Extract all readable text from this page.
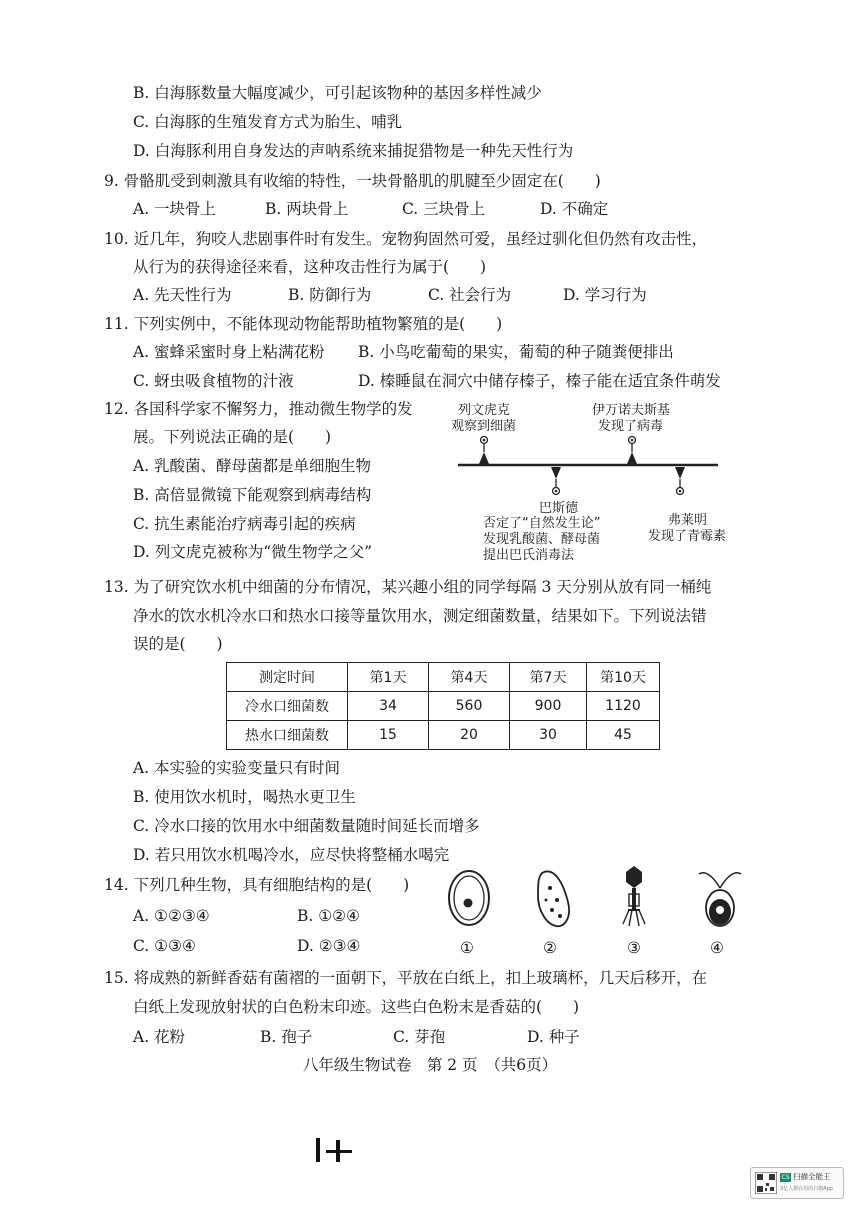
B. 白海豚数量大幅度减少，可引起该物种的基因多样性减少
C. 白海豚的生殖发育方式为胎生、哺乳
D. 白海豚利用自身发达的声呐系统来捕捉猎物是一种先天性行为
9. 骨骼肌受到刺激具有收缩的特性，一块骨骼肌的肌腱至少固定在(　　)
A. 一块骨上	B. 两块骨上	C. 三块骨上	D. 不确定
10. 近几年，狗咬人悲剧事件时有发生。宠物狗固然可爱，虽经过驯化但仍然有攻击性，
从行为的获得途径来看，这种攻击性行为属于(　　)
A. 先天性行为	B. 防御行为	C. 社会行为	D. 学习行为
11. 下列实例中，不能体现动物能帮助植物繁殖的是(　　)
A. 蜜蜂采蜜时身上粘满花粉 B. 小鸟吃葡萄的果实，葡萄的种子随粪便排出
C. 蚜虫吸食植物的汁液	D. 榛睡鼠在洞穴中储存榛子，榛子能在适宜条件萌发
12. 各国科学家不懈努力，推动微生物学的发
展。下列说法正确的是(　　)
A. 乳酸菌、酵母菌都是单细胞生物
B. 高倍显微镜下能观察到病毒结构
C. 抗生素能治疗病毒引起的疾病
D. 列文虎克被称为“微生物学之父”
列文虎克
观察到细菌
伊万诺夫斯基
发现了病毒
巴斯德
否定了“自然发生论”
发现乳酸菌、酵母菌
提出巴氏消毒法
弗莱明
发现了青霉素
13. 为了研究饮水机中细菌的分布情况，某兴趣小组的同学每隔 3 天分别从放有同一桶纯
净水的饮水机冷水口和热水口接等量饮用水，测定细菌数量，结果如下。下列说法错
误的是(　　)
测定时间	第1天	第4天	第7天	第10天
冷水口细菌数	34	560	900	1120
热水口细菌数	15	20	30	45
A. 本实验的实验变量只有时间
B. 使用饮水机时，喝热水更卫生
C. 冷水口接的饮用水中细菌数量随时间延长而增多
D. 若只用饮水机喝冷水，应尽快将整桶水喝完
14. 下列几种生物，具有细胞结构的是(　　)
A. ①②③④	B. ①②④
C. ①③④	D. ②③④	①	②	③	④
15. 将成熟的新鲜香菇有菌褶的一面朝下，平放在白纸上，扣上玻璃杯，几天后移开，在
白纸上发现放射状的白色粉末印迹。这些白色粉末是香菇的(　　)
A. 花粉	B. 孢子	C. 芽孢	D. 种子
八年级生物试卷　第 2 页　（共6页）
CS 扫描全能王
3亿人都在用的扫描App
